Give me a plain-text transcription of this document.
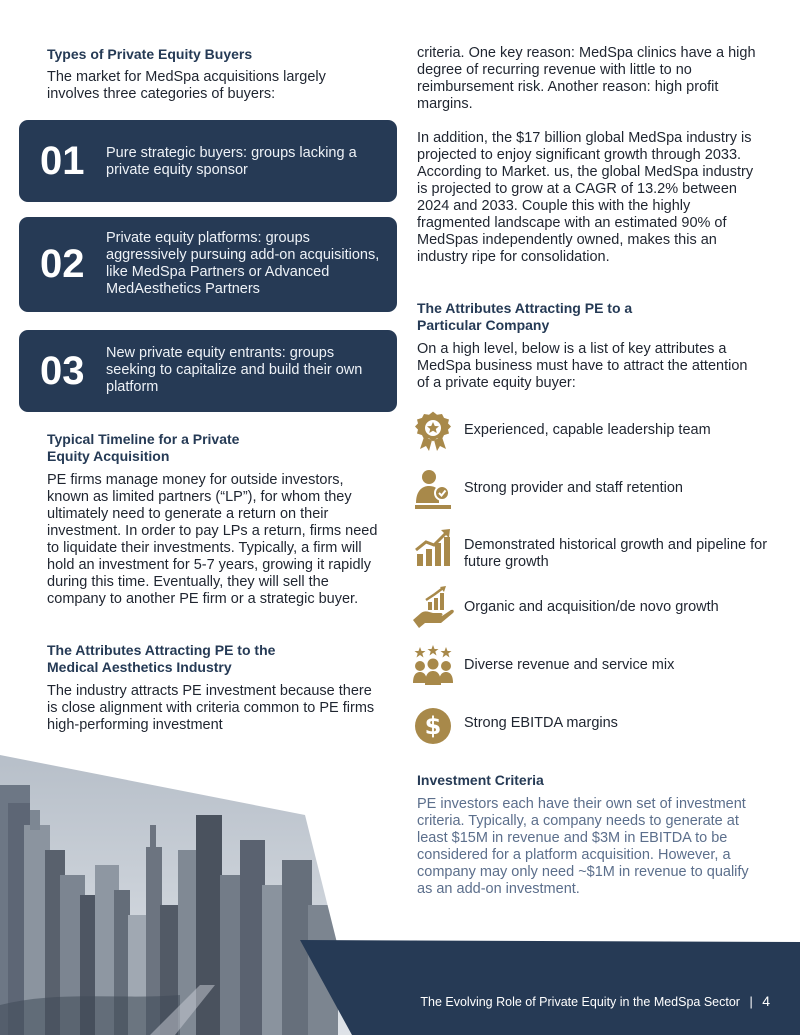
Types of Private Equity Buyers
The market for MedSpa acquisitions largely involves three categories of buyers:
01 Pure strategic buyers: groups lacking a private equity sponsor
02
Private equity platforms: groups aggressively pursuing add-on acquisitions, like MedSpa Partners or Advanced MedAesthetics Partners
03 New private equity entrants: groups seeking to capitalize and build their own platform
Typical Timeline for a Private Equity Acquisition
PE firms manage money for outside investors, known as limited partners (“LP”), for whom they ultimately need to generate a return on their investment. In order to pay LPs a return, firms need to liquidate their investments. Typically, a firm will hold an investment for 5-7 years, growing it rapidly during this time. Eventually, they will sell the company to another PE firm or a strategic buyer.
The Attributes Attracting PE to the Medical Aesthetics Industry
The industry attracts PE investment because there is close alignment with criteria common to PE firms high-performing investment
criteria. One key reason: MedSpa clinics have a high degree of recurring revenue with little to no reimbursement risk. Another reason: high profit margins.
In addition, the $17 billion global MedSpa industry is projected to enjoy significant growth through 2033. According to Market. us, the global MedSpa industry is projected to grow at a CAGR of 13.2% between 2024 and 2033. Couple this with the highly fragmented landscape with an estimated 90% of MedSpas independently owned, makes this an industry ripe for consolidation.
The Attributes Attracting PE to a Particular Company
On a high level, below is a list of key attributes a MedSpa business must have to attract the attention of a private equity buyer:
Experienced, capable leadership team
Strong provider and staff retention
Demonstrated historical growth and pipeline for future growth
Organic and acquisition/de novo growth
Diverse revenue and service mix
$ Strong EBITDA margins
Investment Criteria
PE investors each have their own set of investment criteria. Typically, a company needs to generate at least $15M in revenue and $3M in EBITDA to be considered for a platform acquisition. However, a company may only need ~$1M in revenue to qualify as an add-on investment.
The Evolving Role of Private Equity in the MedSpa Sector | 4
